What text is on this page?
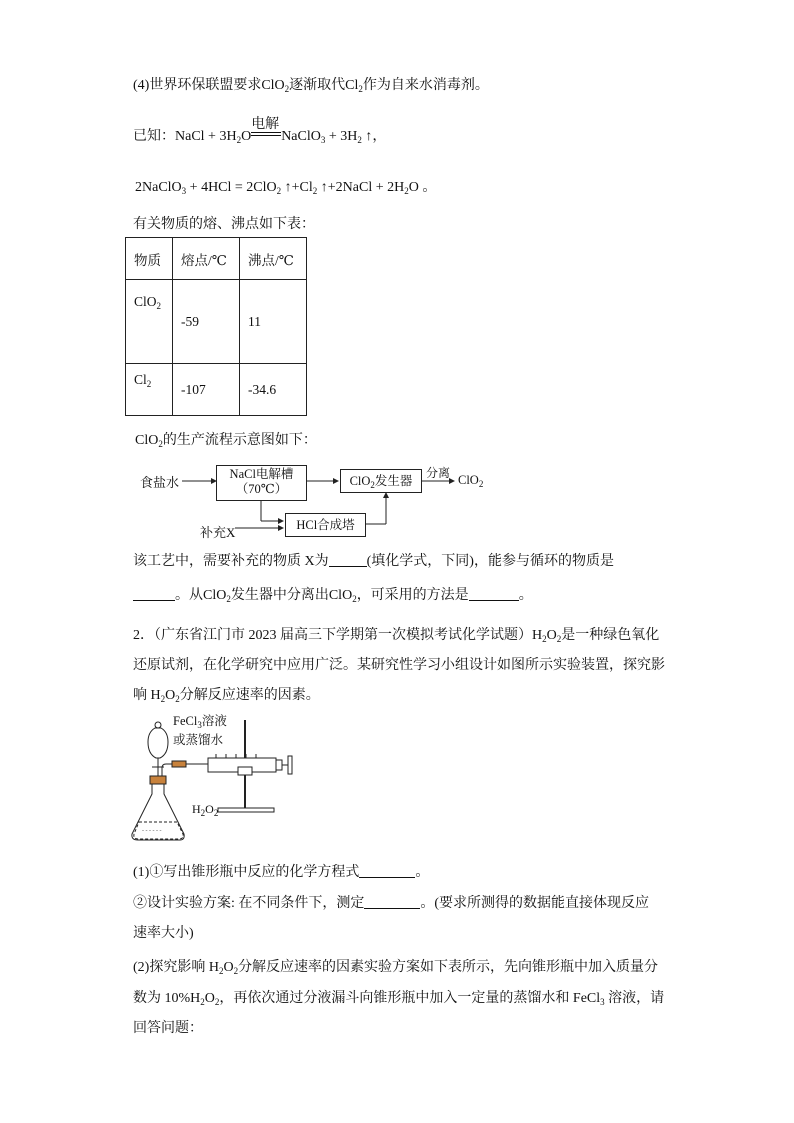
(4)世界环保联盟要求ClO$_2$逐渐取代$Cl_2$作为自来水消毒剂。
已知：NaCl + $3H_2O$
电解
NaClO$_3$ + $3H_2$ ↑，
2NaClO$_3$ + 4HCl = 2ClO$_2$ $↑+Cl_2$ ↑+2NaCl + $2H_2O$ 。
有关物质的熔、沸点如下表：
物质	熔点/℃	沸点/℃
ClO$_2$	-59	11
$Cl_2$	-107	-34.6
ClO$_2$的生产流程示意图如下：
食盐水
NaCl电解槽
（70℃）
ClO$_2$发生器
分离 ClO$_2$
补充X	HCl合成塔
该工艺中，需要补充的物质 X为	(填化学式，下同)，能参与循环的物质是
。从ClO$_2$发生器中分离出ClO$_2$，可采用的方法是	。
2．（广东省江门市 2023 届高三下学期第一次模拟考试化学试题）$H_2O_2$是一种绿色氧化
还原试剂，在化学研究中应用广泛。某研究性学习小组设计如图所示实验装置，探究影
响 $H_2O_2$分解反应速率的因素。
- - - - - -
FeCl$_3$溶液
或蒸馏水
$H_2O_2$
(1)①写出锥形瓶中反应的化学方程式	。
②设计实验方案: 在不同条件下，测定	。(要求所测得的数据能直接体现反应
速率大小)
(2)探究影响 $H_2O_2$分解反应速率的因素实验方案如下表所示，先向锥形瓶中加入质量分
数为 $10\%H_2O_2$，再依次通过分液漏斗向锥形瓶中加入一定量的蒸馏水和 FeCl$_3$ 溶液，请
回答问题：
